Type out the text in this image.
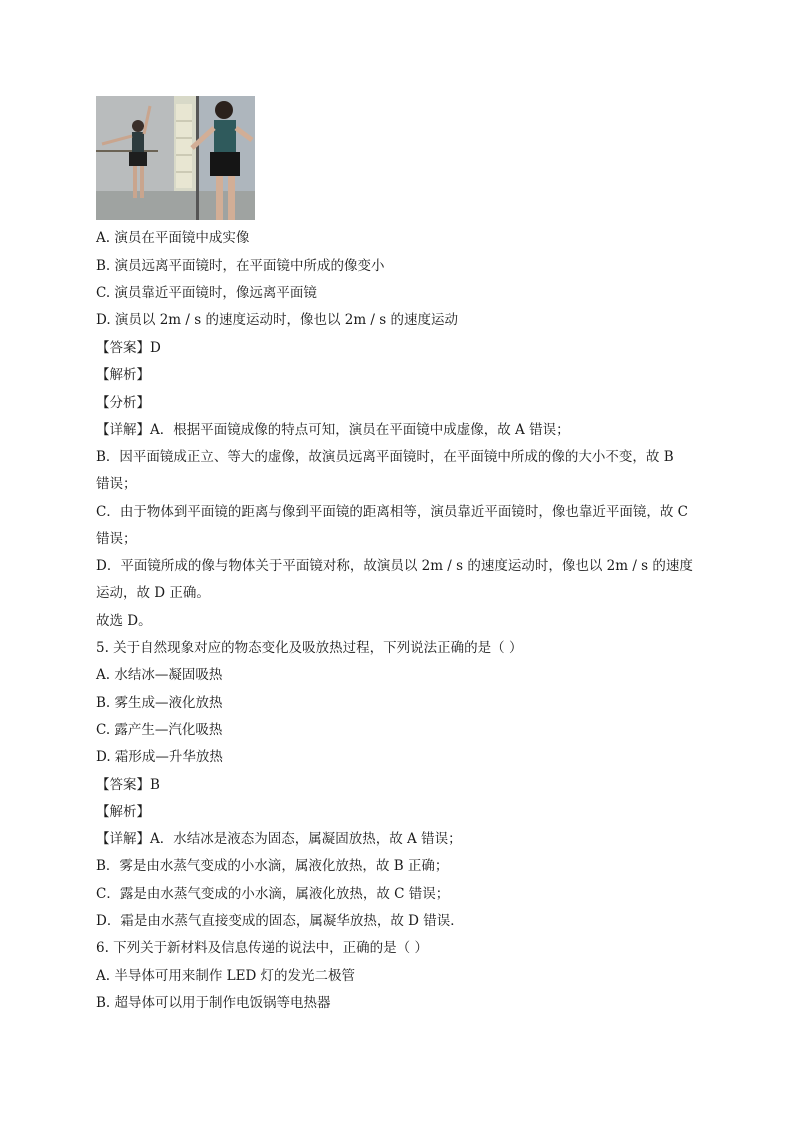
A. 演员在平面镜中成实像
B. 演员远离平面镜时，在平面镜中所成的像变小
C. 演员靠近平面镜时，像远离平面镜
D. 演员以 2m / s 的速度运动时，像也以 2m / s 的速度运动
【答案】D
【解析】
【分析】
【详解】A．根据平面镜成像的特点可知，演员在平面镜中成虚像，故 A 错误；
B．因平面镜成正立、等大的虚像，故演员远离平面镜时，在平面镜中所成的像的大小不变，故 B
错误；
C．由于物体到平面镜的距离与像到平面镜的距离相等，演员靠近平面镜时，像也靠近平面镜，故 C
错误；
D．平面镜所成的像与物体关于平面镜对称，故演员以 2m / s 的速度运动时，像也以 2m / s 的速度
运动，故 D 正确。
故选 D。
5. 关于自然现象对应的物态变化及吸放热过程，下列说法正确的是（ ）
A. 水结冰—凝固吸热
B. 雾生成—液化放热
C. 露产生—汽化吸热
D. 霜形成—升华放热
【答案】B
【解析】
【详解】A．水结冰是液态为固态，属凝固放热，故 A 错误；
B．雾是由水蒸气变成的小水滴，属液化放热，故 B 正确；
C．露是由水蒸气变成的小水滴，属液化放热，故 C 错误；
D．霜是由水蒸气直接变成的固态，属凝华放热，故 D 错误．
6. 下列关于新材料及信息传递的说法中，正确的是（ ）
A. 半导体可用来制作 LED 灯的发光二极管
B. 超导体可以用于制作电饭锅等电热器
